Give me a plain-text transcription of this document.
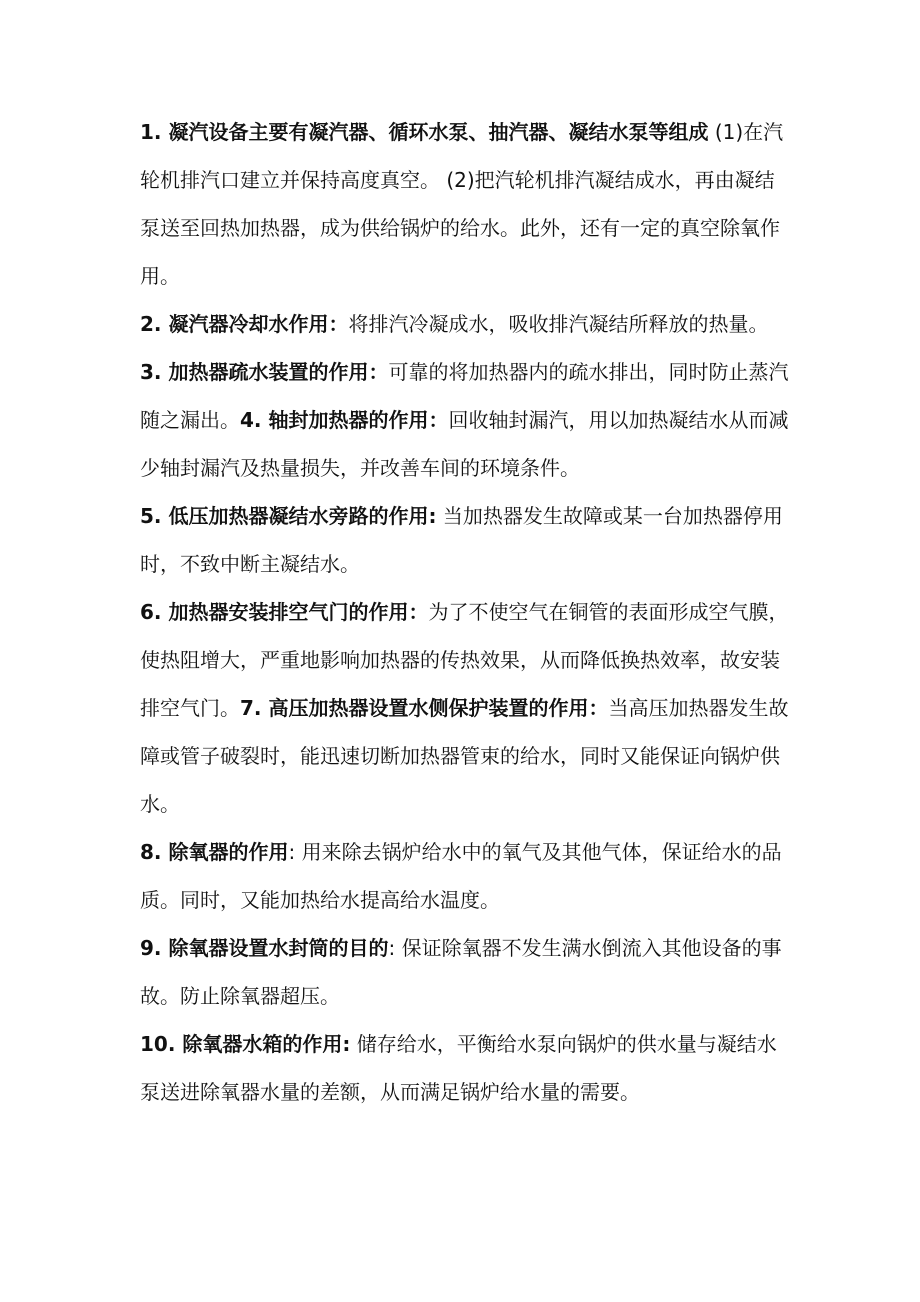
1. 凝汽设备主要有凝汽器、循环水泵、抽汽器、凝结水泵等组成 (1)在汽轮机排汽口建立并保持高度真空。 (2)把汽轮机排汽凝结成水，再由凝结泵送至回热加热器，成为供给锅炉的给水。此外，还有一定的真空除氧作用。

2. 凝汽器冷却水作用：将排汽冷凝成水，吸收排汽凝结所释放的热量。

3. 加热器疏水装置的作用：可靠的将加热器内的疏水排出，同时防止蒸汽随之漏出。4. 轴封加热器的作用：回收轴封漏汽，用以加热凝结水从而减少轴封漏汽及热量损失，并改善车间的环境条件。

5. 低压加热器凝结水旁路的作用: 当加热器发生故障或某一台加热器停用时，不致中断主凝结水。

6. 加热器安装排空气门的作用：为了不使空气在铜管的表面形成空气膜，使热阻增大，严重地影响加热器的传热效果，从而降低换热效率，故安装排空气门。7. 高压加热器设置水侧保护装置的作用：当高压加热器发生故障或管子破裂时，能迅速切断加热器管束的给水，同时又能保证向锅炉供水。

8. 除氧器的作用: 用来除去锅炉给水中的氧气及其他气体，保证给水的品质。同时，又能加热给水提高给水温度。

9. 除氧器设置水封筒的目的: 保证除氧器不发生满水倒流入其他设备的事故。防止除氧器超压。

10. 除氧器水箱的作用: 储存给水，平衡给水泵向锅炉的供水量与凝结水泵送进除氧器水量的差额，从而满足锅炉给水量的需要。
